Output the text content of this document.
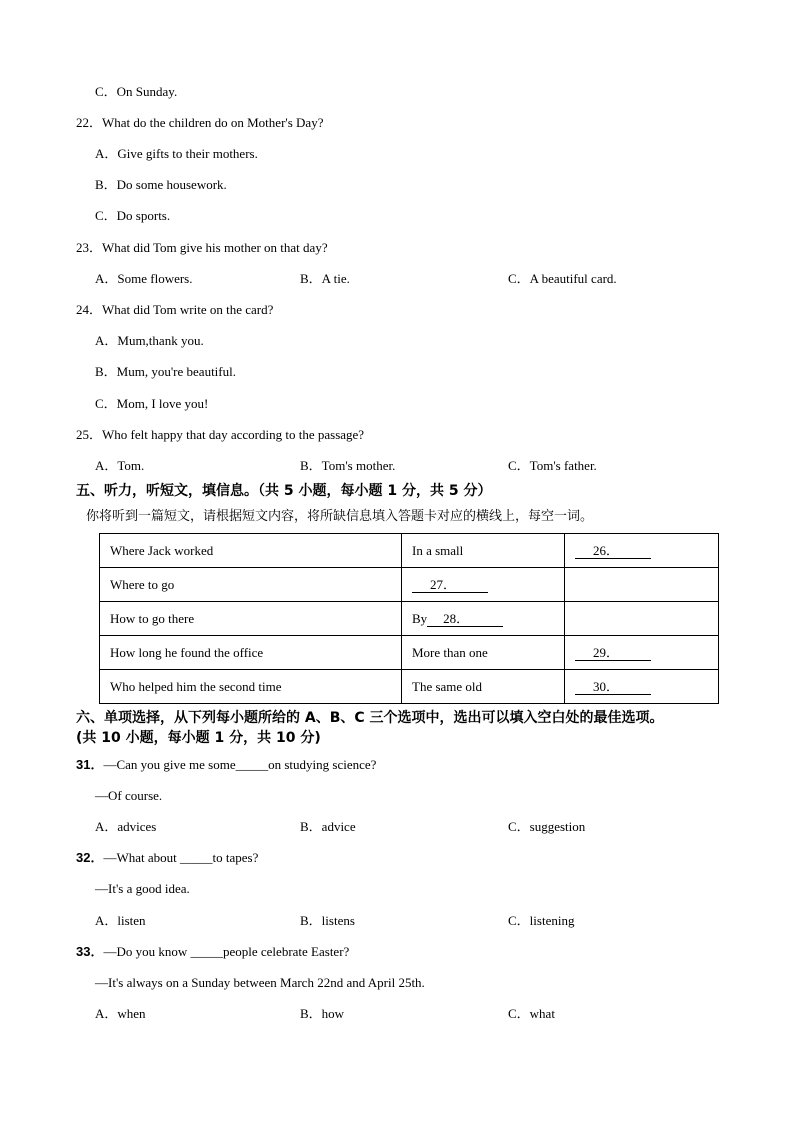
C．On Sunday.
22．What do the children do on Mother's Day?
A．Give gifts to their mothers.
B．Do some housework.
C．Do sports.
23．What did Tom give his mother on that day?
A．Some flowers.	B．A tie.	C．A beautiful card.
24．What did Tom write on the card?
A．Mum,thank you.
B．Mum, you're beautiful.
C．Mom, I love you!
25．Who felt happy that day according to the passage?
A．Tom.	B．Tom's mother.	C．Tom's father.
五、听力，听短文，填信息。（共 5 小题，每小题 1 分，共 5 分）
你将听到一篇短文，请根据短文内容，将所缺信息填入答题卡对应的横线上，每空一词。
Where Jack worked	In a small	26．
Where to go	27．	
How to go there	By 28．	
How long he found the office	More than one	29．
Who helped him the second time	The same old	30．
六、单项选择，从下列每小题所给的 A、B、C 三个选项中，选出可以填入空白处的最佳选项。
(共 10 小题，每小题 1 分，共 10 分)
31．—Can you give me some_____on studying science?
—Of course.
A．advices	B．advice	C．suggestion
32．—What about _____to tapes?
—It's a good idea.
A．listen	B．listens	C．listening
33．—Do you know _____people celebrate Easter?
—It's always on a Sunday between March 22nd and April 25th.
A．when	B．how	C．what
